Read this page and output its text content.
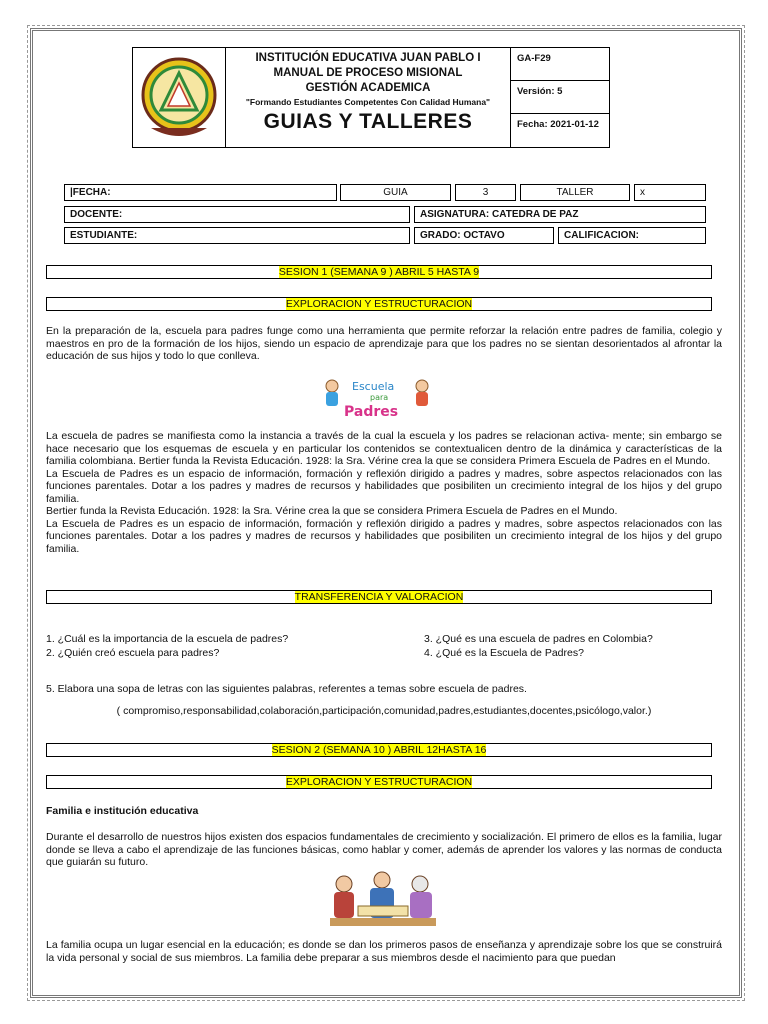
INSTITUCIÓN EDUCATIVA JUAN PABLO I
MANUAL DE PROCESO MISIONAL
GESTIÓN ACADEMICA
"Formando Estudiantes Competentes Con Calidad Humana"
GUIAS Y TALLERES
GA-F29
Versión: 5
Fecha: 2021-01-12
|FECHA:	GUIA	3	TALLER	x
DOCENTE:	ASIGNATURA: CATEDRA DE PAZ
ESTUDIANTE:	GRADO: OCTAVO	CALIFICACION:
SESION 1 (SEMANA 9 ) ABRIL 5 HASTA 9
EXPLORACION Y ESTRUCTURACION

En la preparación de la, escuela para padres funge como una herramienta que permite reforzar la relación entre padres de familia, colegio y maestros en pro de la formación de los hijos, siendo un espacio de aprendizaje para que los padres no se sientan desorientados al afrontar la educación de sus hijos y todo lo que conlleva.

Escuela
para
Padres

La escuela de padres se manifiesta como la instancia a través de la cual la escuela y los padres se relacionan activa- mente; sin embargo se hace necesario que los esquemas de escuela y en particular los contenidos se contextualicen dentro de la dinámica y características de la familia colombiana. Bertier funda la Revista Educación. 1928: la Sra. Vérine crea la que se considera Primera Escuela de Padres en el Mundo.

La Escuela de Padres es un espacio de información, formación y reflexión dirigido a padres y madres, sobre aspectos relacionados con las funciones parentales. Dotar a los padres y madres de recursos y habilidades que posibiliten un crecimiento integral de los hijos y del grupo familia.

Bertier funda la Revista Educación. 1928: la Sra. Vérine crea la que se considera Primera Escuela de Padres en el Mundo.

La Escuela de Padres es un espacio de información, formación y reflexión dirigido a padres y madres, sobre aspectos relacionados con las funciones parentales. Dotar a los padres y madres de recursos y habilidades que posibiliten un crecimiento integral de los hijos y del grupo familia.

TRANSFERENCIA Y VALORACION
1. ¿Cuál es la importancia de la escuela de padres?
2. ¿Quién creó escuela para padres?
3. ¿Qué es una escuela de padres en Colombia?
4. ¿Qué es la Escuela de Padres?
5. Elabora una sopa de letras con las siguientes palabras, referentes a temas sobre escuela de padres.
( compromiso,responsabilidad,colaboración,participación,comunidad,padres,estudiantes,docentes,psicólogo,valor.)
SESION 2 (SEMANA 10 ) ABRIL 12HASTA 16
EXPLORACION Y ESTRUCTURACION
Familia e institución educativa

Durante el desarrollo de nuestros hijos existen dos espacios fundamentales de crecimiento y socialización. El primero de ellos es la familia, lugar donde se lleva a cabo el aprendizaje de las funciones básicas, como hablar y comer, además de aprender los valores y las normas de conducta que guiarán su futuro.

La familia ocupa un lugar esencial en la educación; es donde se dan los primeros pasos de enseñanza y aprendizaje sobre los que se construirá la vida personal y social de sus miembros. La familia debe preparar a sus miembros desde el nacimiento para que puedan
